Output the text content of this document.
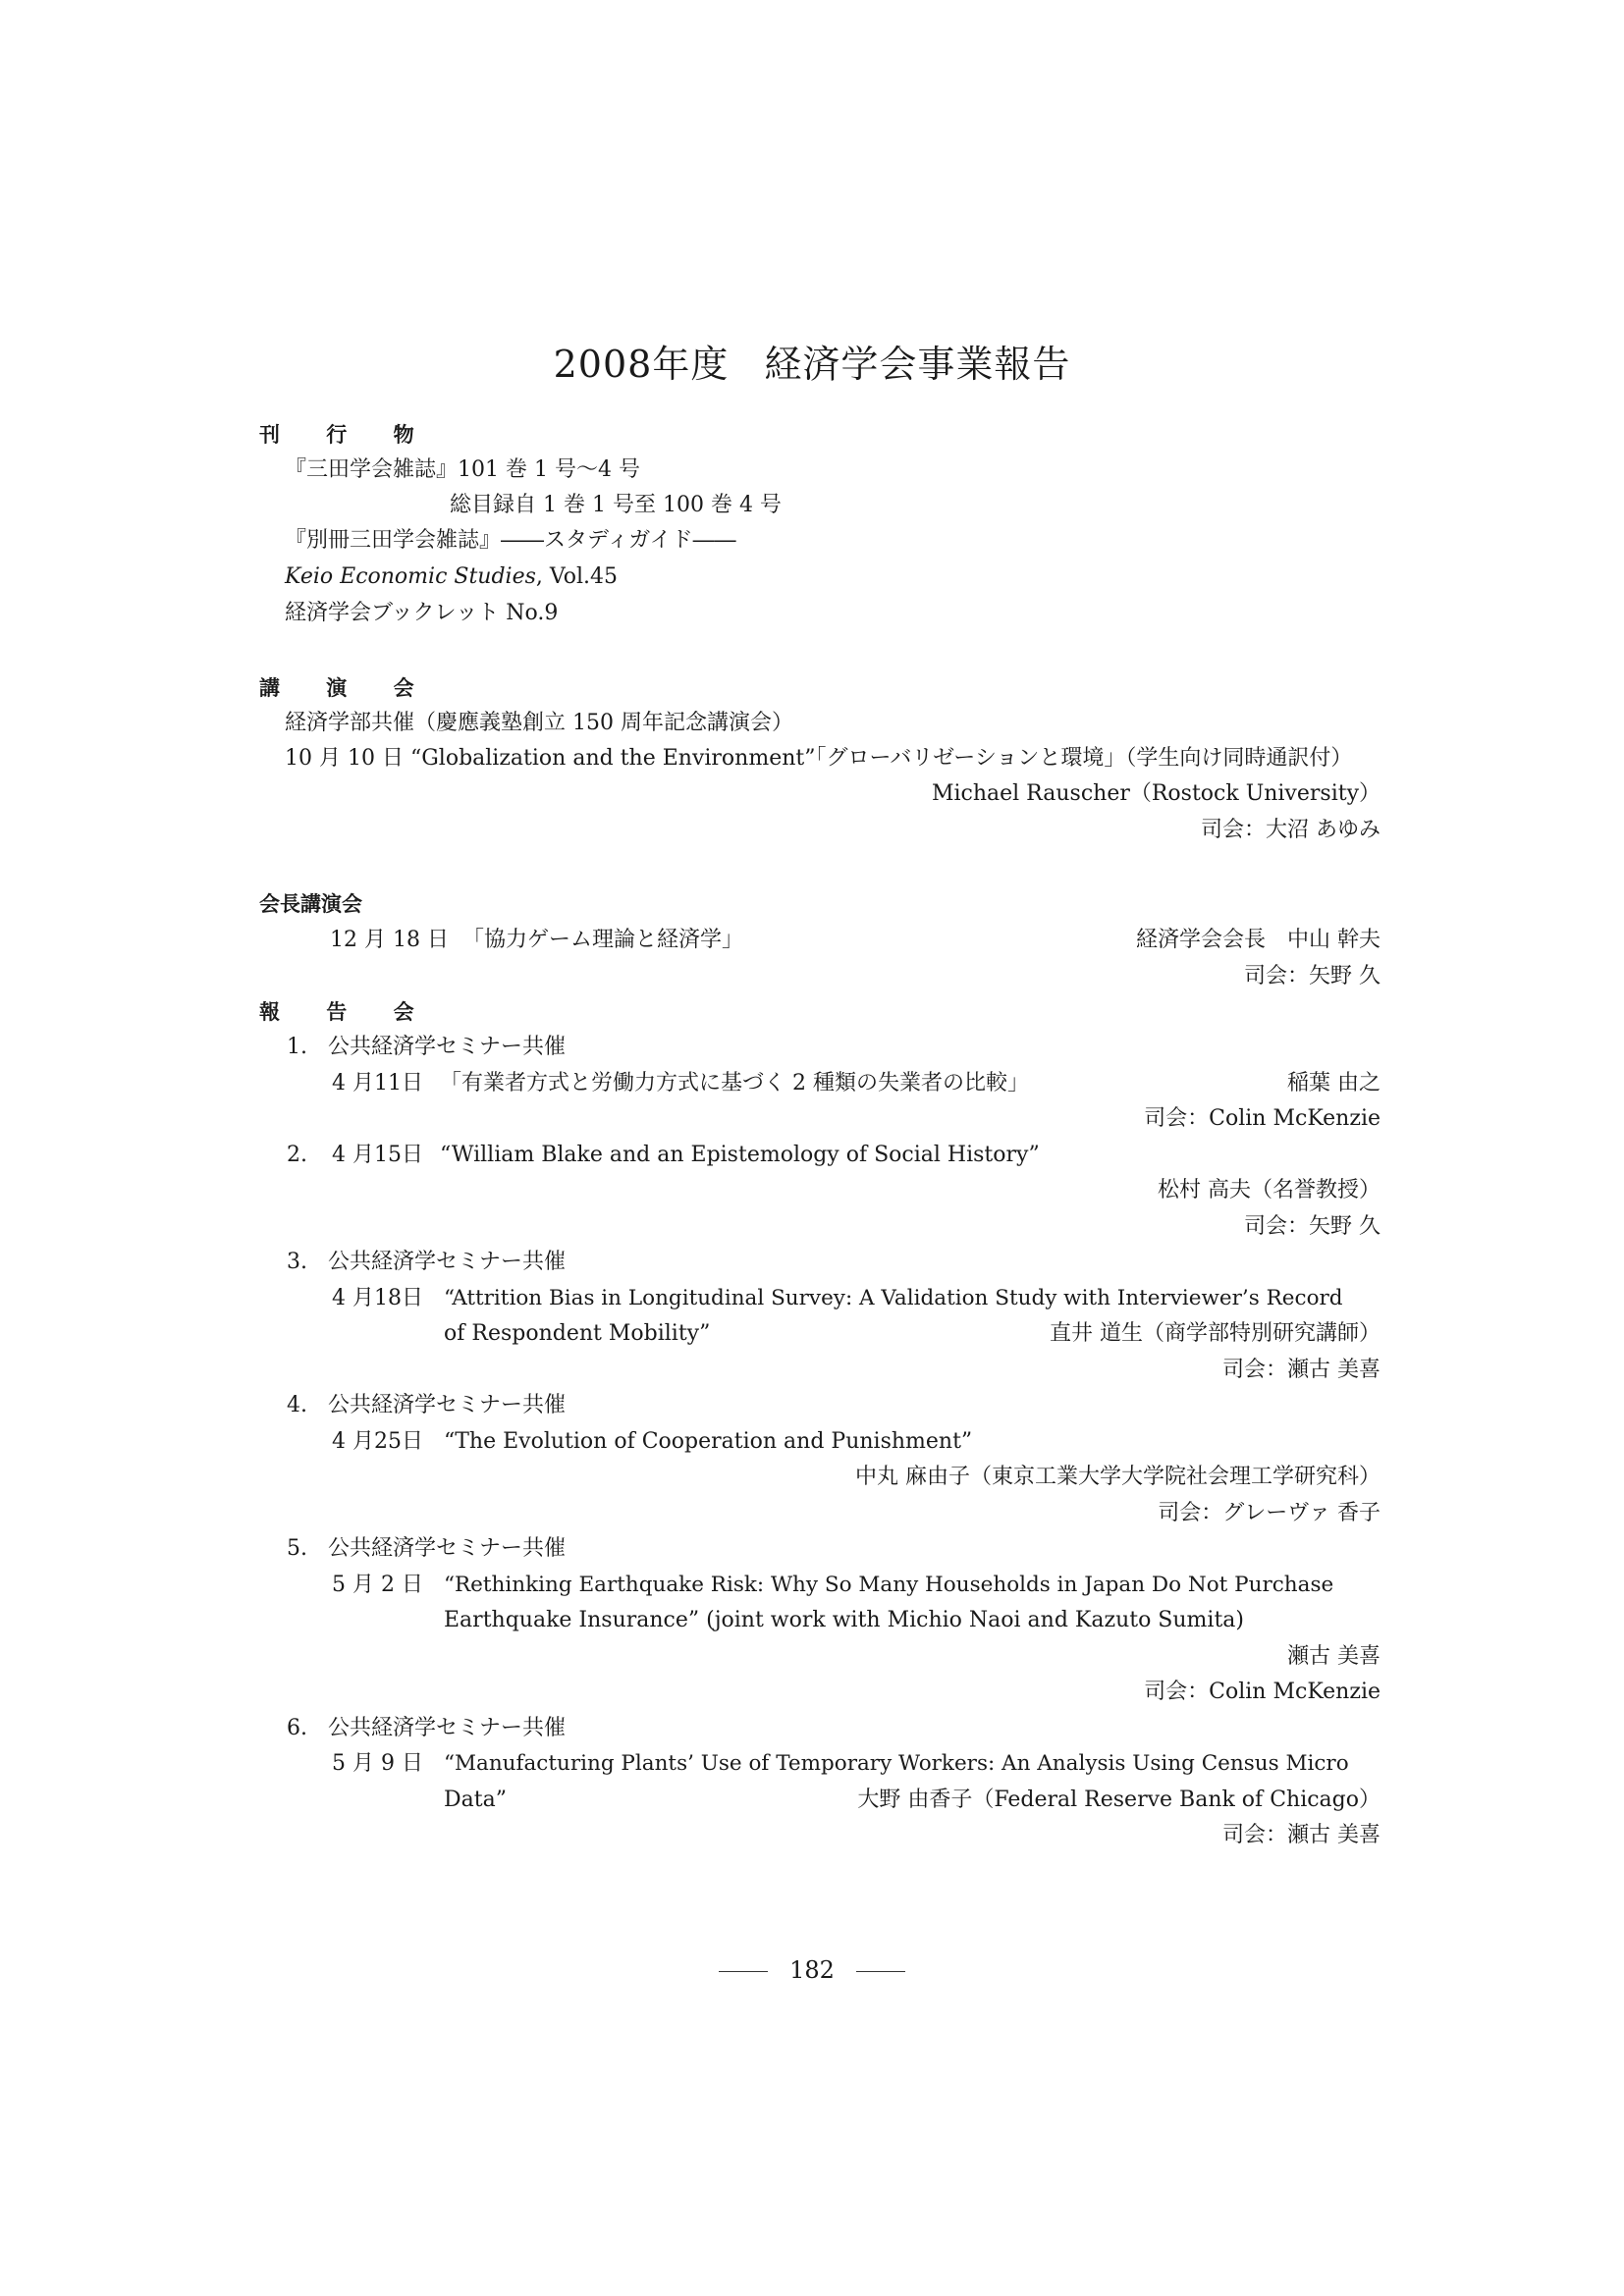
2008年度 経済学会事業報告
刊 行 物
『三田学会雑誌』101 巻 1 号〜4 号
総目録自 1 巻 1 号至 100 巻 4 号
『別冊三田学会雑誌』――スタディガイド――
Keio Economic Studies, Vol.45
経済学会ブックレット No.9
講 演 会
経済学部共催（慶應義塾創立 150 周年記念講演会）
10 月 10 日 “Globalization and the Environment”「グローバリゼーションと環境」（学生向け同時通訳付）
Michael Rauscher（Rostock University）
司会：大沼 あゆみ
会長講演会
12 月 18 日 「協力ゲーム理論と経済学」	経済学会会長　中山 幹夫
司会：矢野 久
報 告 会
1. 公共経済学セミナー共催
4 月11日 「有業者方式と労働力方式に基づく 2 種類の失業者の比較」	稲葉 由之
司会：Colin McKenzie
2. 4 月15日 “William Blake and an Epistemology of Social History”
松村 高夫（名誉教授）
司会：矢野 久
3. 公共経済学セミナー共催
4 月18日 “Attrition Bias in Longitudinal Survey: A Validation Study with Interviewer’s Record
of Respondent Mobility”	直井 道生（商学部特別研究講師）
司会：瀬古 美喜
4. 公共経済学セミナー共催
4 月25日 “The Evolution of Cooperation and Punishment”
中丸 麻由子（東京工業大学大学院社会理工学研究科）
司会：グレーヴァ 香子
5. 公共経済学セミナー共催
5 月 2 日 “Rethinking Earthquake Risk: Why So Many Households in Japan Do Not Purchase
Earthquake Insurance” (joint work with Michio Naoi and Kazuto Sumita)
瀬古 美喜
司会：Colin McKenzie
6. 公共経済学セミナー共催
5 月 9 日 “Manufacturing Plants’ Use of Temporary Workers: An Analysis Using Census Micro
Data”	大野 由香子（Federal Reserve Bank of Chicago）
司会：瀬古 美喜
182
